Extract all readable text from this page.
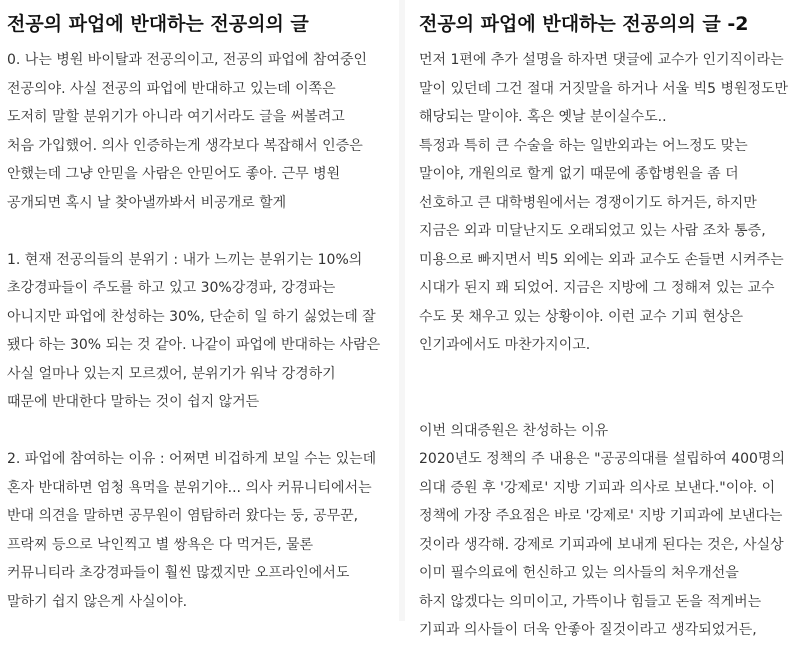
전공의 파업에 반대하는 전공의의 글
0. 나는 병원 바이탈과 전공의이고, 전공의 파업에 참여중인
전공의야. 사실 전공의 파업에 반대하고 있는데 이쪽은
도저히 말할 분위기가 아니라 여기서라도 글을 써볼려고
처음 가입했어. 의사 인증하는게 생각보다 복잡해서 인증은
안했는데 그냥 안믿을 사람은 안믿어도 좋아. 근무 병원
공개되면 혹시 날 찾아낼까봐서 비공개로 할게
1. 현재 전공의들의 분위기 : 내가 느끼는 분위기는 10%의
초강경파들이 주도를 하고 있고 30%강경파, 강경파는
아니지만 파업에 찬성하는 30%, 단순히 일 하기 싫었는데 잘
됐다 하는 30% 되는 것 같아. 나같이 파업에 반대하는 사람은
사실 얼마나 있는지 모르겠어, 분위기가 워낙 강경하기
때문에 반대한다 말하는 것이 쉽지 않거든
2. 파업에 참여하는 이유 : 어쩌면 비겁하게 보일 수는 있는데
혼자 반대하면 엄청 욕먹을 분위기야... 의사 커뮤니티에서는
반대 의견을 말하면 공무원이 염탐하러 왔다는 둥, 공무꾼,
프락찌 등으로 낙인찍고 별 쌍욕은 다 먹거든, 물론
커뮤니티라 초강경파들이 훨씬 많겠지만 오프라인에서도
말하기 쉽지 않은게 사실이야.
전공의 파업에 반대하는 전공의의 글 -2
먼저 1편에 추가 설명을 하자면 댓글에 교수가 인기직이라는
말이 있던데 그건 절대 거짓말을 하거나 서울 빅5 병원정도만
해당되는 말이야. 혹은 옛날 분이실수도..
특정과 특히 큰 수술을 하는 일반외과는 어느정도 맞는
말이야, 개원의로 할게 없기 때문에 종합병원을 좀 더
선호하고 큰 대학병원에서는 경쟁이기도 하거든, 하지만
지금은 외과 미달난지도 오래되었고 있는 사람 조차 통증,
미용으로 빠지면서 빅5 외에는 외과 교수도 손들면 시켜주는
시대가 된지 꽤 되었어. 지금은 지방에 그 정해져 있는 교수
수도 못 채우고 있는 상황이야. 이런 교수 기피 현상은
인기과에서도 마찬가지이고.
이번 의대증원은 찬성하는 이유
2020년도 정책의 주 내용은 "공공의대를 설립하여 400명의
의대 증원 후 '강제로' 지방 기피과 의사로 보낸다."이야. 이
정책에 가장 주요점은 바로 '강제로' 지방 기피과에 보낸다는
것이라 생각해. 강제로 기피과에 보내게 된다는 것은, 사실상
이미 필수의료에 헌신하고 있는 의사들의 처우개선을
하지 않겠다는 의미이고, 가뜩이나 힘들고 돈을 적게버는
기피과 의사들이 더욱 안좋아 질것이라고 생각되었거든,
